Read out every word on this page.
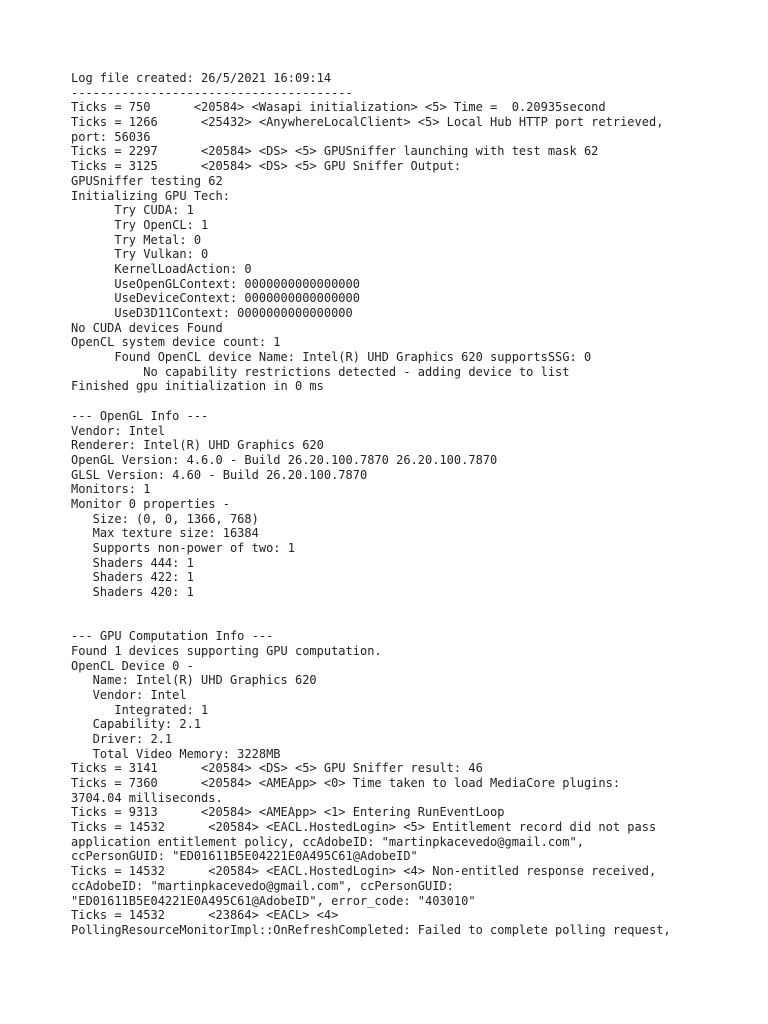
Log file created: 26/5/2021 16:09:14
---------------------------------------
Ticks = 750      <20584> <Wasapi initialization> <5> Time =  0.20935second
Ticks = 1266      <25432> <AnywhereLocalClient> <5> Local Hub HTTP port retrieved,
port: 56036
Ticks = 2297      <20584> <DS> <5> GPUSniffer launching with test mask 62
Ticks = 3125      <20584> <DS> <5> GPU Sniffer Output:
GPUSniffer testing 62
Initializing GPU Tech:
Try CUDA: 1
Try OpenCL: 1
Try Metal: 0
Try Vulkan: 0
KernelLoadAction: 0
UseOpenGLContext: 0000000000000000
UseDeviceContext: 0000000000000000
UseD3D11Context: 0000000000000000
No CUDA devices Found
OpenCL system device count: 1
Found OpenCL device Name: Intel(R) UHD Graphics 620 supportsSSG: 0
No capability restrictions detected - adding device to list
Finished gpu initialization in 0 ms
--- OpenGL Info ---
Vendor: Intel
Renderer: Intel(R) UHD Graphics 620
OpenGL Version: 4.6.0 - Build 26.20.100.7870 26.20.100.7870
GLSL Version: 4.60 - Build 26.20.100.7870
Monitors: 1
Monitor 0 properties -
Size: (0, 0, 1366, 768)
Max texture size: 16384
Supports non-power of two: 1
Shaders 444: 1
Shaders 422: 1
Shaders 420: 1
--- GPU Computation Info ---
Found 1 devices supporting GPU computation.
OpenCL Device 0 -
Name: Intel(R) UHD Graphics 620
Vendor: Intel
Integrated: 1
Capability: 2.1
Driver: 2.1
Total Video Memory: 3228MB
Ticks = 3141      <20584> <DS> <5> GPU Sniffer result: 46
Ticks = 7360      <20584> <AMEApp> <0> Time taken to load MediaCore plugins:
3704.04 milliseconds.
Ticks = 9313      <20584> <AMEApp> <1> Entering RunEventLoop
Ticks = 14532      <20584> <EACL.HostedLogin> <5> Entitlement record did not pass
application entitlement policy, ccAdobeID: "martinpkacevedo@gmail.com",
ccPersonGUID: "ED01611B5E04221E0A495C61@AdobeID"
Ticks = 14532      <20584> <EACL.HostedLogin> <4> Non-entitled response received,
ccAdobeID: "martinpkacevedo@gmail.com", ccPersonGUID:
"ED01611B5E04221E0A495C61@AdobeID", error_code: "403010"
Ticks = 14532      <23864> <EACL> <4>
PollingResourceMonitorImpl::OnRefreshCompleted: Failed to complete polling request,
